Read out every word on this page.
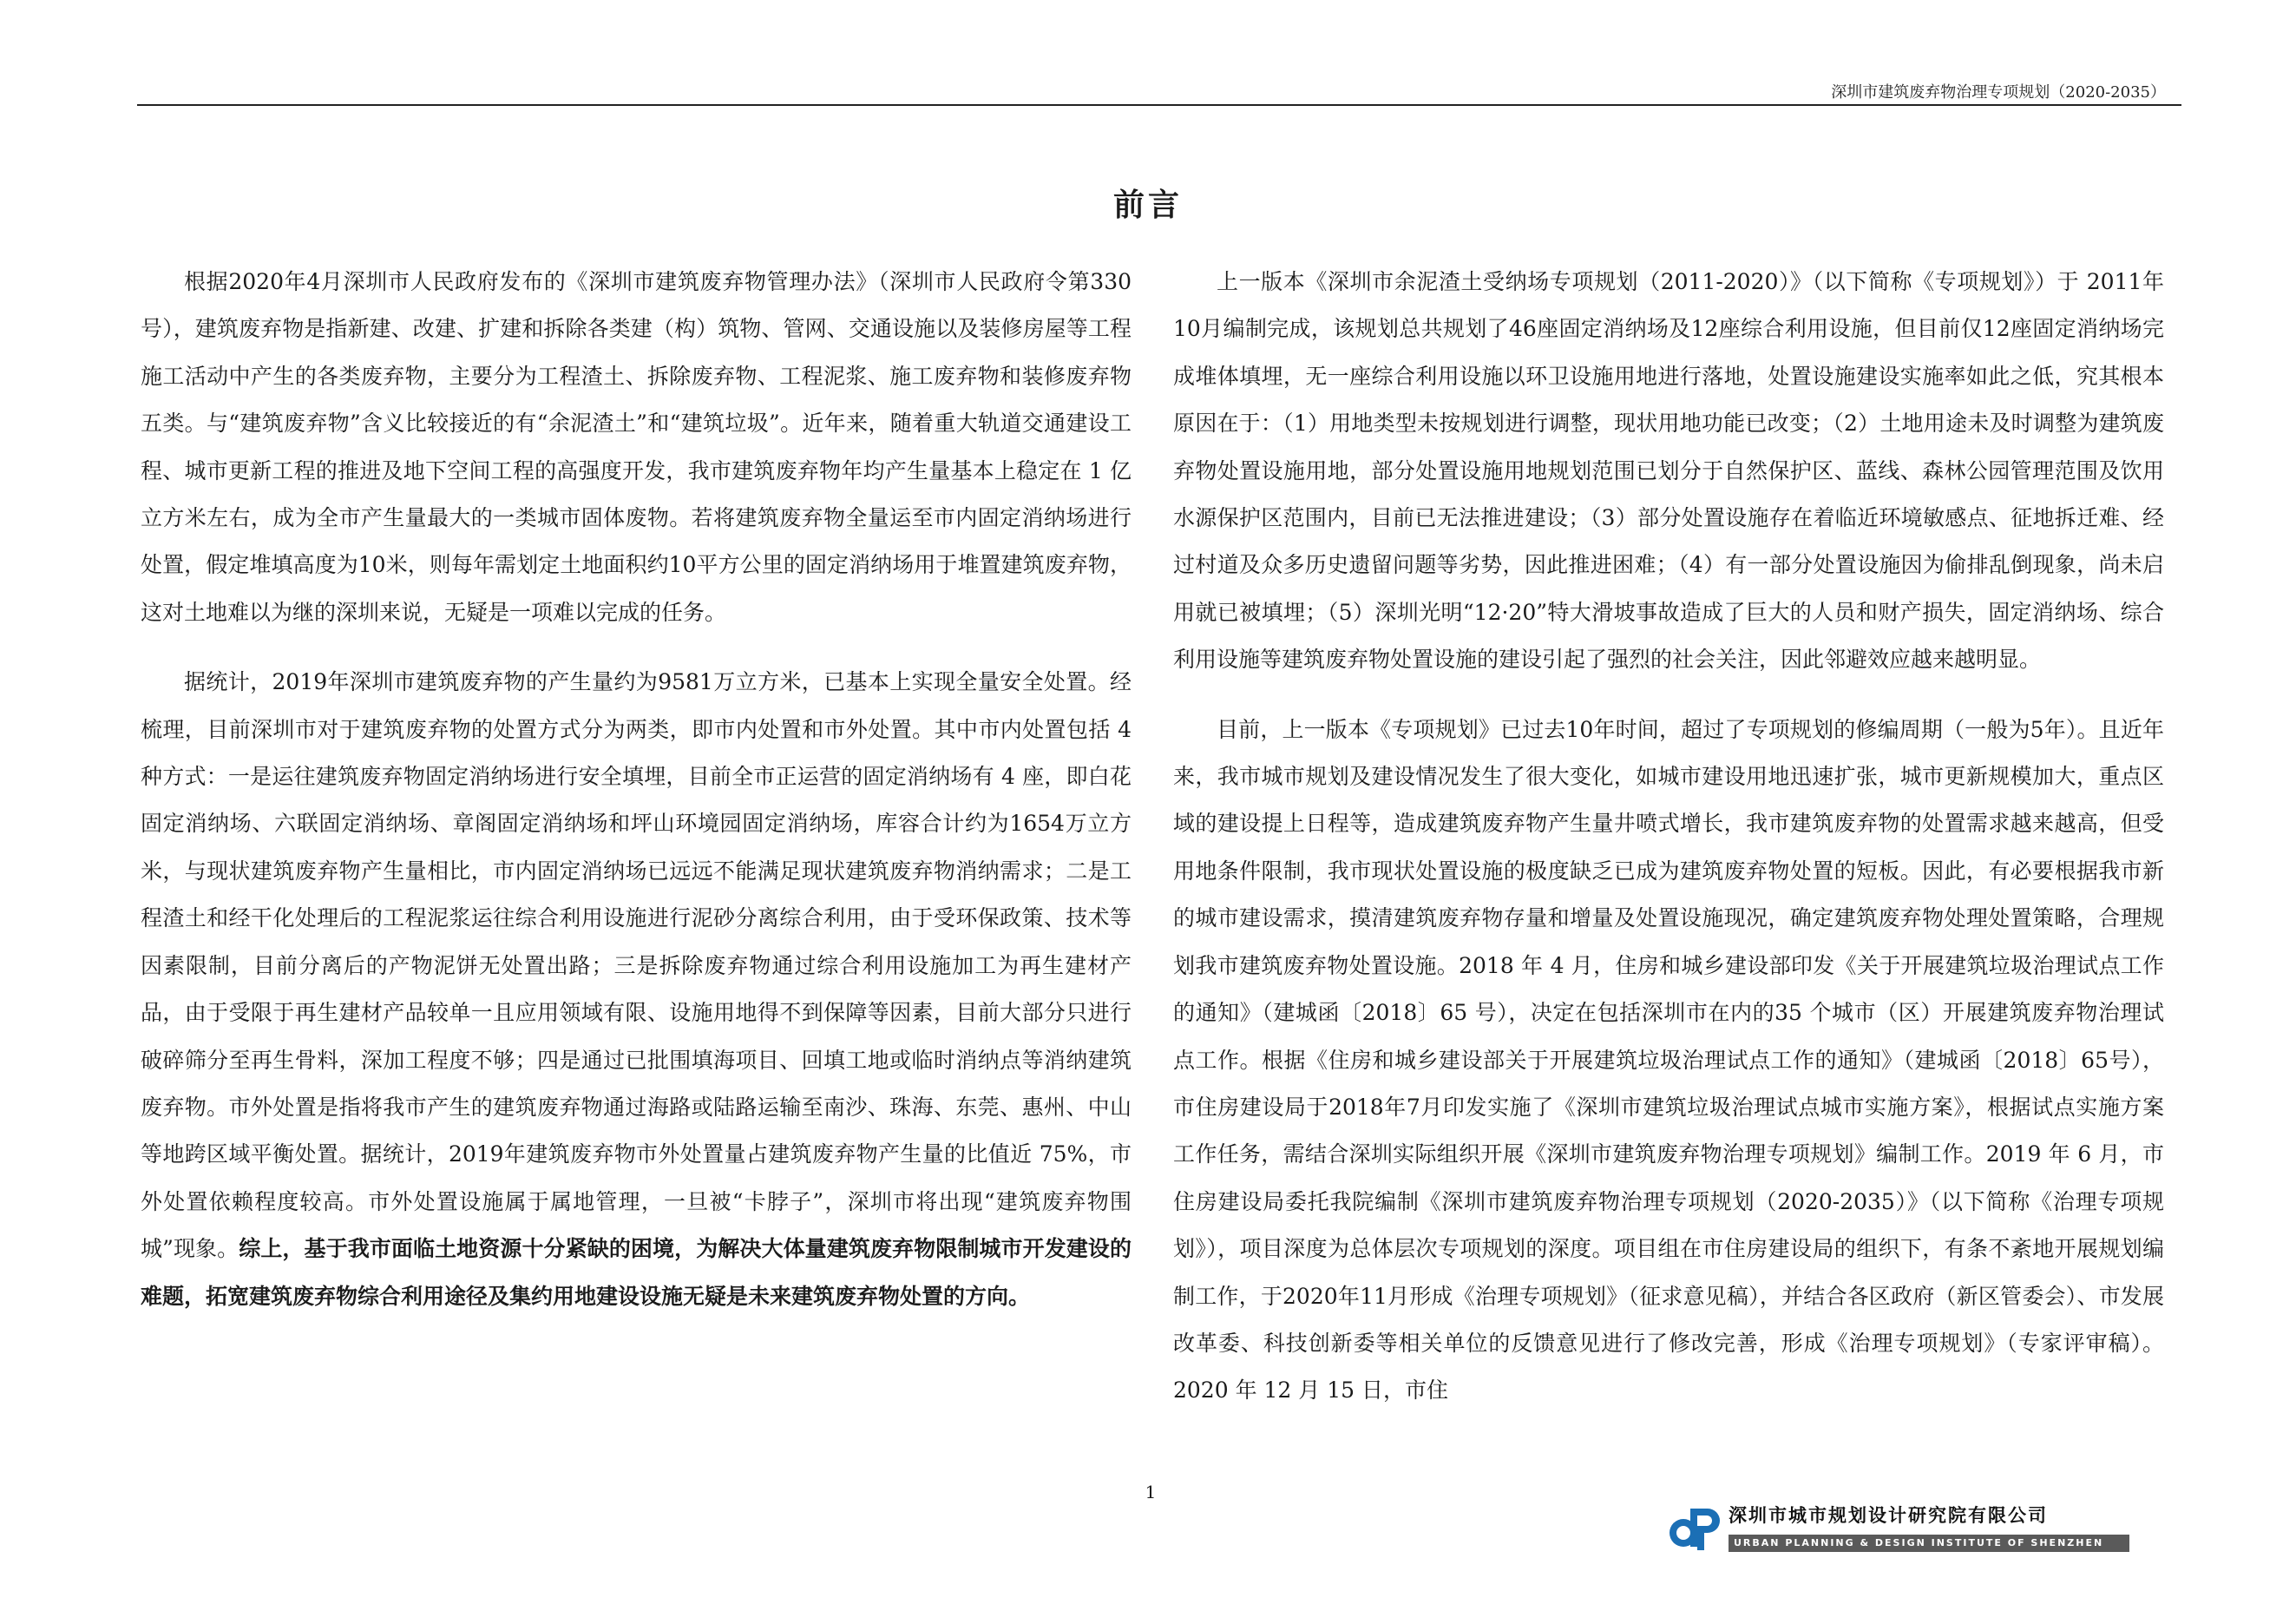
深圳市建筑废弃物治理专项规划（2020-2035）
前言

根据2020年4月深圳市人民政府发布的《深圳市建筑废弃物管理办法》（深圳市人民政府令第330号），建筑废弃物是指新建、改建、扩建和拆除各类建（构）筑物、管网、交通设施以及装修房屋等工程施工活动中产生的各类废弃物，主要分为工程渣土、拆除废弃物、工程泥浆、施工废弃物和装修废弃物五类。与“建筑废弃物”含义比较接近的有“余泥渣土”和“建筑垃圾”。近年来，随着重大轨道交通建设工程、城市更新工程的推进及地下空间工程的高强度开发，我市建筑废弃物年均产生量基本上稳定在 1 亿立方米左右，成为全市产生量最大的一类城市固体废物。若将建筑废弃物全量运至市内固定消纳场进行处置，假定堆填高度为10米，则每年需划定土地面积约10平方公里的固定消纳场用于堆置建筑废弃物，这对土地难以为继的深圳来说，无疑是一项难以完成的任务。

据统计，2019年深圳市建筑废弃物的产生量约为9581万立方米，已基本上实现全量安全处置。经梳理，目前深圳市对于建筑废弃物的处置方式分为两类，即市内处置和市外处置。其中市内处置包括 4 种方式：一是运往建筑废弃物固定消纳场进行安全填埋，目前全市正运营的固定消纳场有 4 座，即白花固定消纳场、六联固定消纳场、章阁固定消纳场和坪山环境园固定消纳场，库容合计约为1654万立方米，与现状建筑废弃物产生量相比，市内固定消纳场已远远不能满足现状建筑废弃物消纳需求；二是工程渣土和经干化处理后的工程泥浆运往综合利用设施进行泥砂分离综合利用，由于受环保政策、技术等因素限制，目前分离后的产物泥饼无处置出路；三是拆除废弃物通过综合利用设施加工为再生建材产品，由于受限于再生建材产品较单一且应用领域有限、设施用地得不到保障等因素，目前大部分只进行破碎筛分至再生骨料，深加工程度不够；四是通过已批围填海项目、回填工地或临时消纳点等消纳建筑废弃物。市外处置是指将我市产生的建筑废弃物通过海路或陆路运输至南沙、珠海、东莞、惠州、中山等地跨区域平衡处置。据统计，2019年建筑废弃物市外处置量占建筑废弃物产生量的比值近 75%，市外处置依赖程度较高。市外处置设施属于属地管理，一旦被“卡脖子”，深圳市将出现“建筑废弃物围城”现象。综上，基于我市面临土地资源十分紧缺的困境，为解决大体量建筑废弃物限制城市开发建设的难题，拓宽建筑废弃物综合利用途径及集约用地建设设施无疑是未来建筑废弃物处置的方向。

上一版本《深圳市余泥渣土受纳场专项规划（2011-2020）》（以下简称《专项规划》）于 2011年10月编制完成，该规划总共规划了46座固定消纳场及12座综合利用设施，但目前仅12座固定消纳场完成堆体填埋，无一座综合利用设施以环卫设施用地进行落地，处置设施建设实施率如此之低，究其根本原因在于：（1）用地类型未按规划进行调整，现状用地功能已改变；（2）土地用途未及时调整为建筑废弃物处置设施用地，部分处置设施用地规划范围已划分于自然保护区、蓝线、森林公园管理范围及饮用水源保护区范围内，目前已无法推进建设；（3）部分处置设施存在着临近环境敏感点、征地拆迁难、经过村道及众多历史遗留问题等劣势，因此推进困难；（4）有一部分处置设施因为偷排乱倒现象，尚未启用就已被填埋；（5）深圳光明“12·20”特大滑坡事故造成了巨大的人员和财产损失，固定消纳场、综合利用设施等建筑废弃物处置设施的建设引起了强烈的社会关注，因此邻避效应越来越明显。

目前，上一版本《专项规划》已过去10年时间，超过了专项规划的修编周期（一般为5年）。且近年来，我市城市规划及建设情况发生了很大变化，如城市建设用地迅速扩张，城市更新规模加大，重点区域的建设提上日程等，造成建筑废弃物产生量井喷式增长，我市建筑废弃物的处置需求越来越高，但受用地条件限制，我市现状处置设施的极度缺乏已成为建筑废弃物处置的短板。因此，有必要根据我市新的城市建设需求，摸清建筑废弃物存量和增量及处置设施现况，确定建筑废弃物处理处置策略，合理规划我市建筑废弃物处置设施。2018 年 4 月，住房和城乡建设部印发《关于开展建筑垃圾治理试点工作的通知》（建城函〔2018〕65 号），决定在包括深圳市在内的35 个城市（区）开展建筑废弃物治理试点工作。根据《住房和城乡建设部关于开展建筑垃圾治理试点工作的通知》（建城函〔2018〕65号），市住房建设局于2018年7月印发实施了《深圳市建筑垃圾治理试点城市实施方案》，根据试点实施方案工作任务，需结合深圳实际组织开展《深圳市建筑废弃物治理专项规划》编制工作。2019 年 6 月，市住房建设局委托我院编制《深圳市建筑废弃物治理专项规划（2020-2035）》（以下简称《治理专项规划》），项目深度为总体层次专项规划的深度。项目组在市住房建设局的组织下，有条不紊地开展规划编制工作，于2020年11月形成《治理专项规划》（征求意见稿），并结合各区政府（新区管委会）、市发展改革委、科技创新委等相关单位的反馈意见进行了修改完善，形成《治理专项规划》（专家评审稿）。2020 年 12 月 15 日，市住

1
深圳市城市规划设计研究院有限公司
URBAN PLANNING & DESIGN INSTITUTE OF SHENZHEN
